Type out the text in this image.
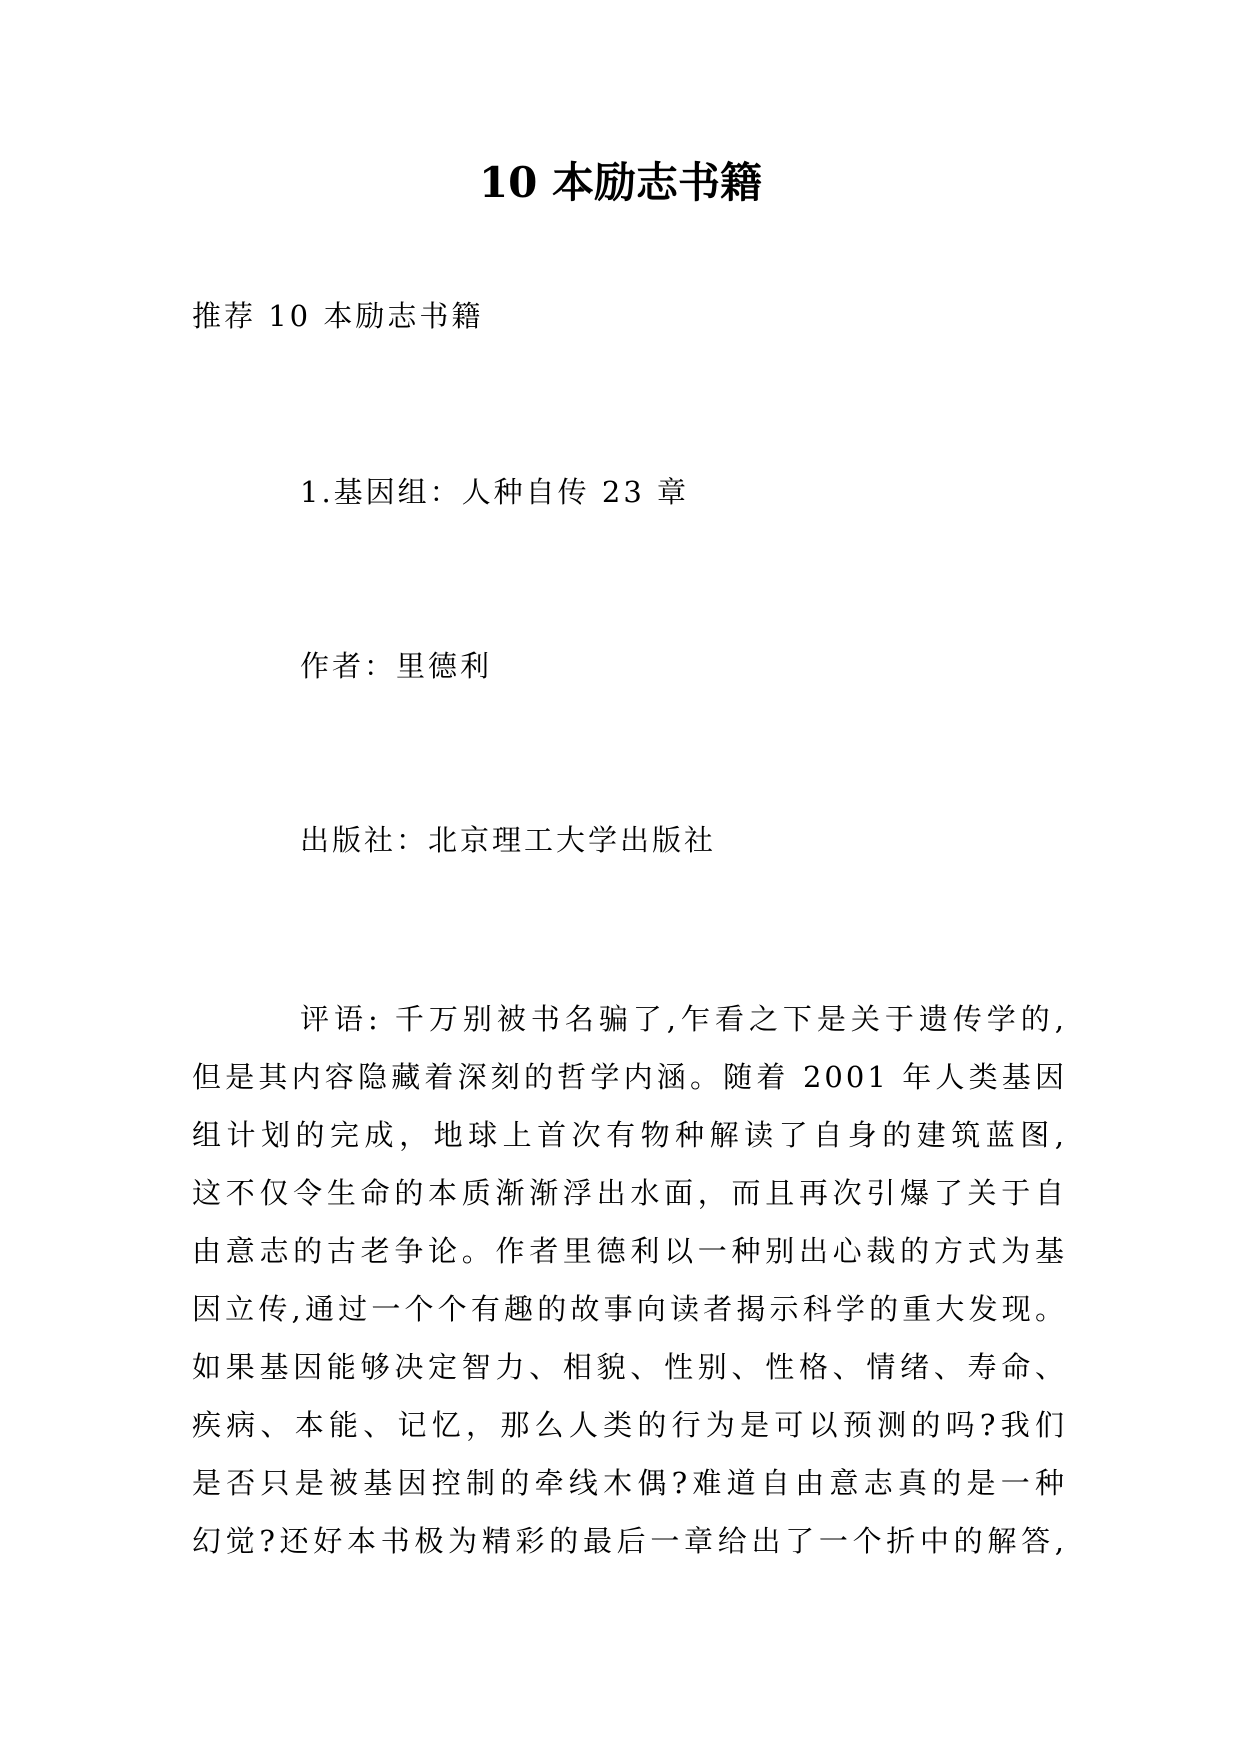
10 本励志书籍
推荐 10 本励志书籍
1.基因组：人种自传 23 章
作者：里德利
出版社：北京理工大学出版社
评语: 千万别被书名骗了,乍看之下是关于遗传学的,
但是其内容隐藏着深刻的哲学内涵。随着 2001 年人类基因
组计划的完成，地球上首次有物种解读了自身的建筑蓝图,
这不仅令生命的本质渐渐浮出水面，而且再次引爆了关于自
由意志的古老争论。作者里德利以一种别出心裁的方式为基
因立传,通过一个个有趣的故事向读者揭示科学的重大发现。
如果基因能够决定智力、相貌、性别、性格、情绪、寿命、
疾病、本能、记忆，那么人类的行为是可以预测的吗?我们
是否只是被基因控制的牵线木偶?难道自由意志真的是一种
幻觉?还好本书极为精彩的最后一章给出了一个折中的解答,
